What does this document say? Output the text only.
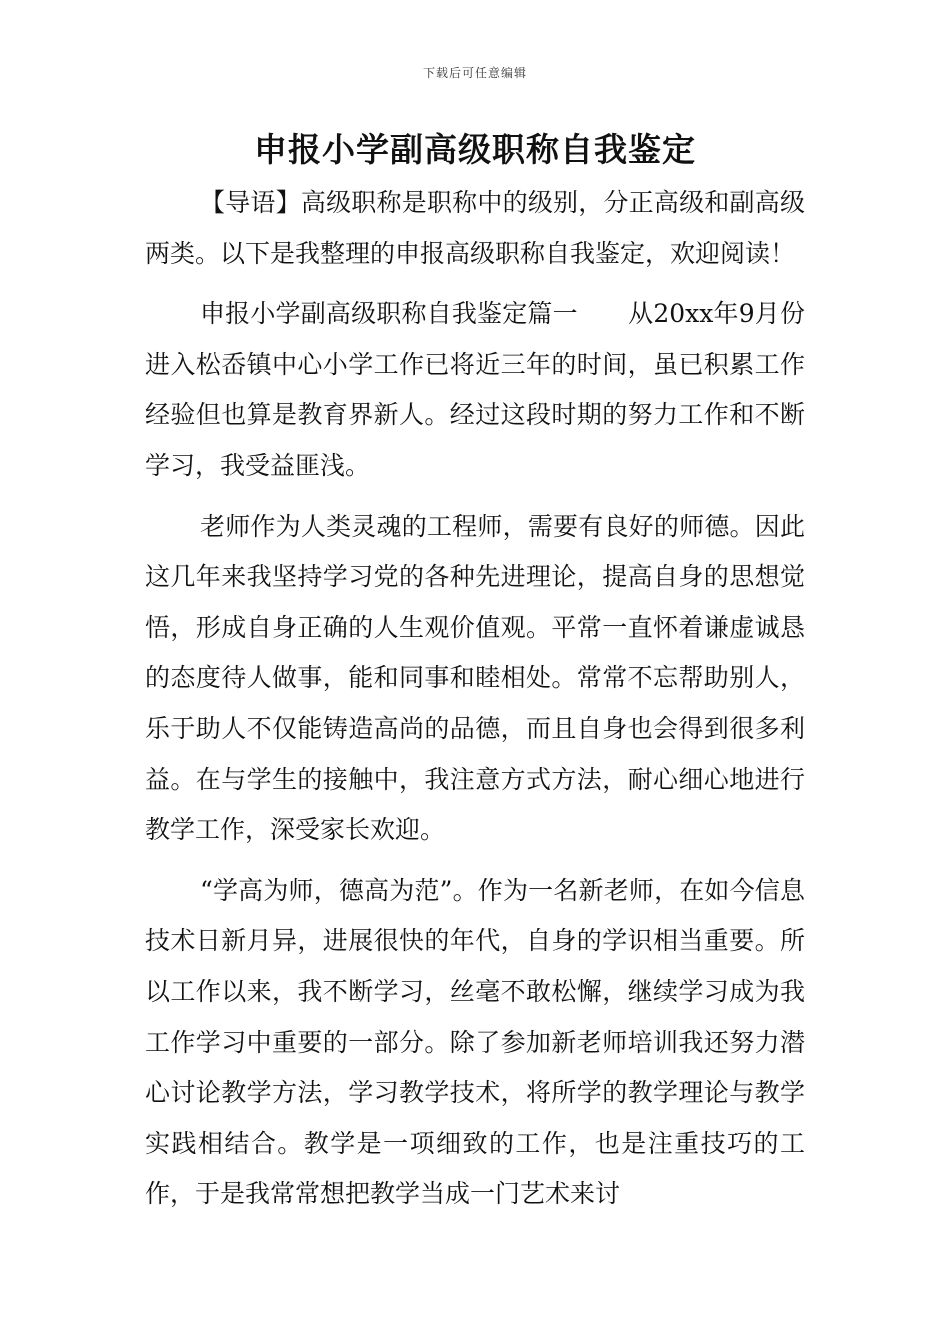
下载后可任意编辑
申报小学副高级职称自我鉴定

【导语】高级职称是职称中的级别，分正高级和副高级两类。以下是我整理的申报高级职称自我鉴定，欢迎阅读！

申报小学副高级职称自我鉴定篇一　　从20xx年9月份进入松岙镇中心小学工作已将近三年的时间，虽已积累工作经验但也算是教育界新人。经过这段时期的努力工作和不断学习，我受益匪浅。

老师作为人类灵魂的工程师，需要有良好的师德。因此这几年来我坚持学习党的各种先进理论，提高自身的思想觉悟，形成自身正确的人生观价值观。平常一直怀着谦虚诚恳的态度待人做事，能和同事和睦相处。常常不忘帮助别人，乐于助人不仅能铸造高尚的品德，而且自身也会得到很多利益。在与学生的接触中，我注意方式方法，耐心细心地进行教学工作，深受家长欢迎。

“学高为师，德高为范”。作为一名新老师，在如今信息技术日新月异，进展很快的年代，自身的学识相当重要。所以工作以来，我不断学习，丝毫不敢松懈，继续学习成为我工作学习中重要的一部分。除了参加新老师培训我还努力潜心讨论教学方法，学习教学技术，将所学的教学理论与教学实践相结合。教学是一项细致的工作，也是注重技巧的工作，于是我常常想把教学当成一门艺术来讨
